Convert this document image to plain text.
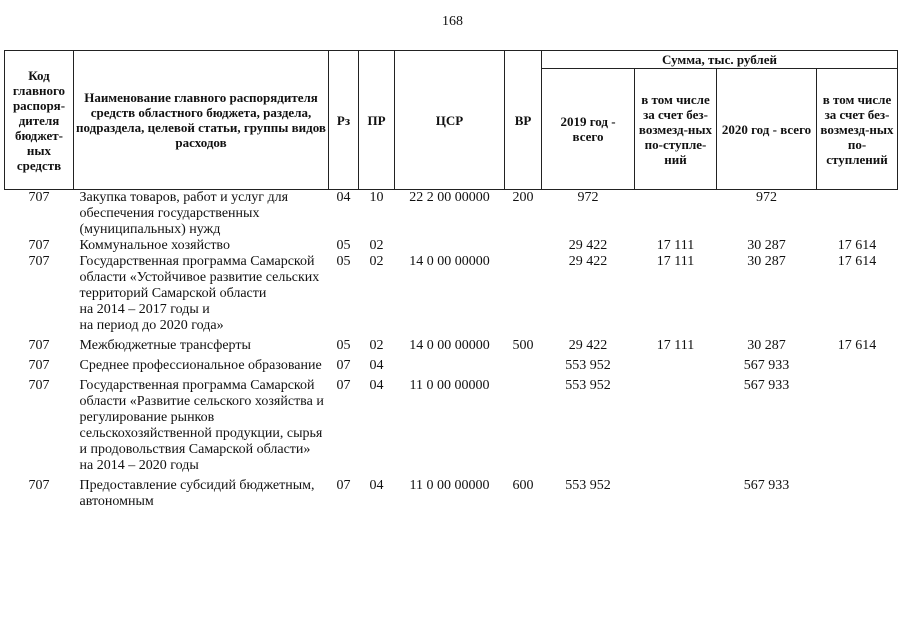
168
Код главного распоря-дителя бюджет-ных средств	Наименование главного распорядителя средств областного бюджета, раздела, подраздела, целевой статьи, группы видов расходов	Рз	ПР	ЦСР	ВР	Сумма, тыс. рублей			
						2019 год - всего	в том числе за счет без-возмезд-ных по-ступле-ний	2020 год - всего	в том числе за счет без-возмезд-ных по-ступлений
707	Закупка товаров, работ и услуг для обеспечения государственных (муниципальных) нужд	04	10	22 2 00 00000	200	972		972	
707	Коммунальное хозяйство	05	02			29 422	17 111	30 287	17 614
707	Государственная программа Самарской области «Устойчивое развитие сельских территорий Самарской области
на 2014 – 2017 годы и
на период до 2020 года»	05	02	14 0 00 00000		29 422	17 111	30 287	17 614
707	Межбюджетные трансферты	05	02	14 0 00 00000	500	29 422	17 111	30 287	17 614
707	Среднее профессиональное образование	07	04			553 952		567 933	
707	Государственная программа Самарской области «Развитие сельского хозяйства и регулирование рынков сельскохозяйственной продукции, сырья и продовольствия Самарской области» на 2014 – 2020 годы	07	04	11 0 00 00000		553 952		567 933	
707	Предоставление субсидий бюджетным, автономным	07	04	11 0 00 00000	600	553 952		567 933	
